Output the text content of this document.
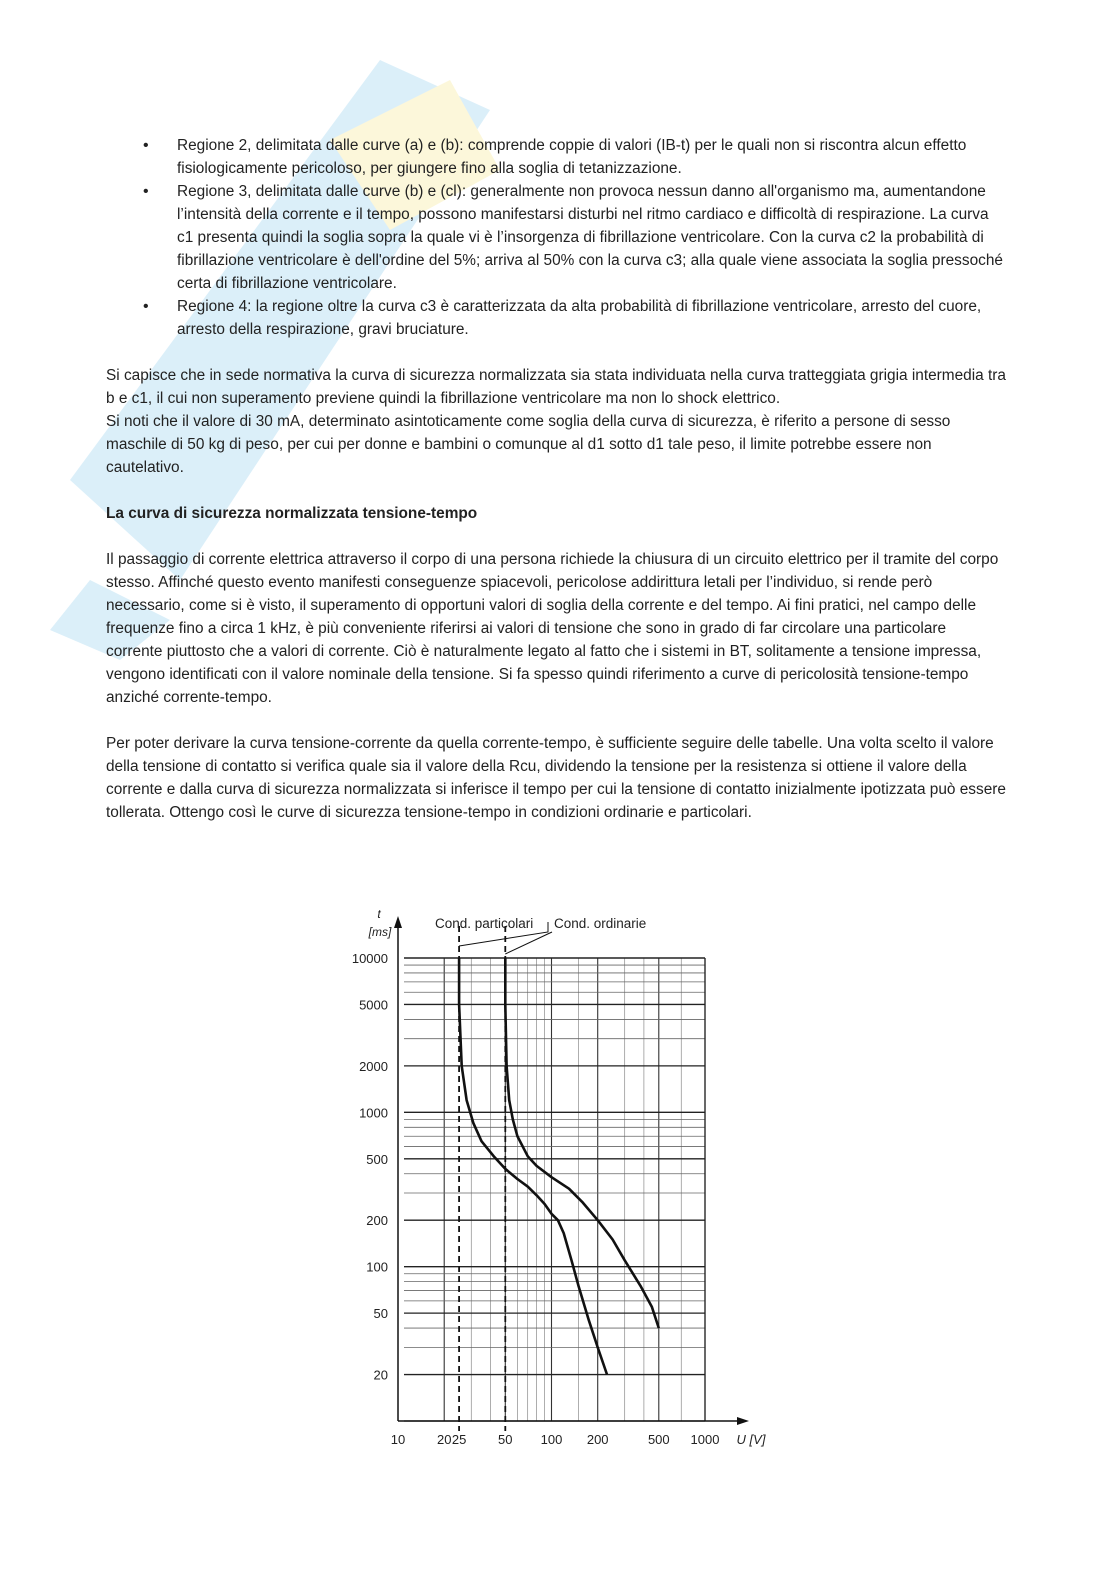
• Regione 2, delimitata dalle curve (a) e (b): comprende coppie di valori (IB-t) per le quali non si riscontra alcun effetto fisiologicamente pericoloso, per giungere fino alla soglia di tetanizzazione.
• Regione 3, delimitata dalle curve (b) e (cl): generalmente non provoca nessun danno all'organismo ma, aumentandone l’intensità della corrente e il tempo, possono manifestarsi disturbi nel ritmo cardiaco e difficoltà di respirazione. La curva c1 presenta quindi la soglia sopra la quale vi è l’insorgenza di fibrillazione ventricolare. Con la curva c2 la probabilità di fibrillazione ventricolare è dell'ordine del 5%; arriva al 50% con la curva c3; alla quale viene associata la soglia pressoché certa di fibrillazione ventricolare.
• Regione 4: la regione oltre la curva c3 è caratterizzata da alta probabilità di fibrillazione ventricolare, arresto del cuore, arresto della respirazione, gravi bruciature.

Si capisce che in sede normativa la curva di sicurezza normalizzata sia stata individuata nella curva tratteggiata grigia intermedia tra b e c1, il cui non superamento previene quindi la fibrillazione ventricolare ma non lo shock elettrico.

Si noti che il valore di 30 mA, determinato asintoticamente come soglia della curva di sicurezza, è riferito a persone di sesso maschile di 50 kg di peso, per cui per donne e bambini o comunque al d1 sotto d1 tale peso, il limite potrebbe essere non cautelativo.

La curva di sicurezza normalizzata tensione-tempo

Il passaggio di corrente elettrica attraverso il corpo di una persona richiede la chiusura di un circuito elettrico per il tramite del corpo stesso. Affinché questo evento manifesti conseguenze spiacevoli, pericolose addirittura letali per l’individuo, si rende però necessario, come si è visto, il superamento di opportuni valori di soglia della corrente e del tempo. Ai fini pratici, nel campo delle frequenze fino a circa 1 kHz, è più conveniente riferirsi ai valori di tensione che sono in grado di far circolare una particolare corrente piuttosto che a valori di corrente. Ciò è naturalmente legato al fatto che i sistemi in BT, solitamente a tensione impressa, vengono identificati con il valore nominale della tensione. Si fa spesso quindi riferimento a curve di pericolosità tensione-tempo anziché corrente-tempo.

Per poter derivare la curva tensione-corrente da quella corrente-tempo, è sufficiente seguire delle tabelle. Una volta scelto il valore della tensione di contatto si verifica quale sia il valore della Rcu, dividendo la tensione per la resistenza si ottiene il valore della corrente e dalla curva di sicurezza normalizzata si inferisce il tempo per cui la tensione di contatto inizialmente ipotizzata può essere tollerata. Ottengo così le curve di sicurezza tensione-tempo in condizioni ordinarie e particolari.

Cond. particolari Cond. ordinarie
t
[ms]
20
50
100
200
500
1000
2000
5000
10000
10 20 25 50 100 200	500 1000 U [V]
